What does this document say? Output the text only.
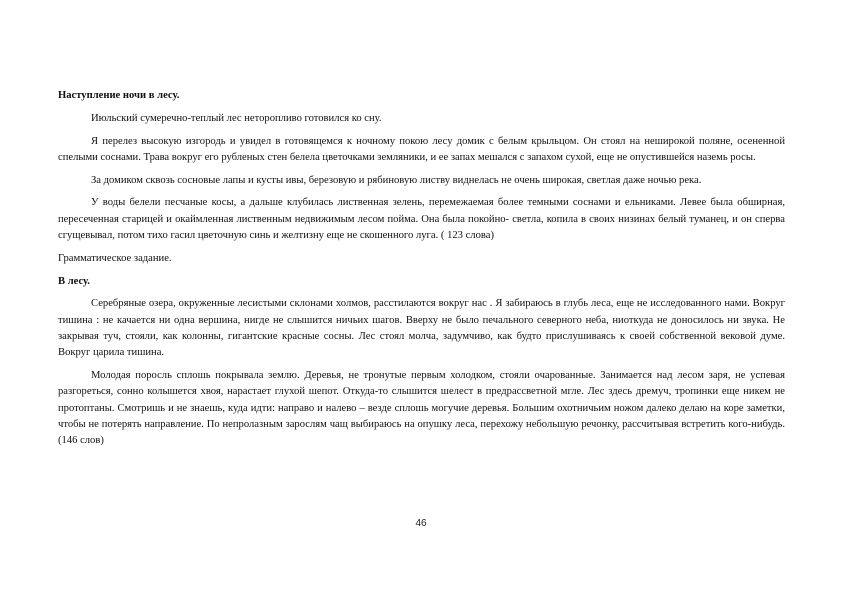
Наступление ночи в лесу.

Июльский сумеречно-теплый лес неторопливо готовился ко сну.

Я перелез высокую изгородь и увидел в готовящемся к ночному покою лесу домик с белым крыльцом. Он стоял на неширокой поляне, осененной спелыми соснами. Трава вокруг его рубленых стен белела цветочками земляники, и ее запах мешался с запахом сухой, еще не опустившейся наземь росы.

За домиком сквозь сосновые лапы и кусты ивы, березовую и рябиновую листву виднелась не очень широкая, светлая даже ночью река.

У воды белели песчаные косы, а дальше клубилась лиственная зелень, перемежаемая более темными соснами и ельниками. Левее была обширная, пересеченная старицей и окаймленная лиственным недвижимым лесом пойма. Она была покойно- светла, копила в своих низинах белый туманец, и он сперва сгущевывал, потом тихо гасил цветочную синь и желтизну еще не скошенного луга. ( 123 слова)

Грамматическое задание.

В лесу.

Серебряные озера, окруженные лесистыми склонами холмов, расстилаются вокруг нас . Я забираюсь в глубь леса, еще не исследованного нами. Вокруг тишина : не качается ни одна вершина, нигде не слышится ничьих шагов. Вверху не было печального северного неба, ниоткуда не доносилось ни звука. Не закрывая туч, стояли, как колонны, гигантские красные сосны. Лес стоял молча, задумчиво, как будто прислушиваясь к своей собственной вековой думе. Вокруг царила тишина.

Молодая поросль сплошь покрывала землю. Деревья, не тронутые первым холодком, стояли очарованные. Занимается над лесом заря, не успевая разгореться, сонно колышется хвоя, нарастает глухой шепот. Откуда-то слышится шелест в предрассветной мгле. Лес здесь дремуч, тропинки еще никем не протоптаны. Смотришь и не знаешь, куда идти: направо и налево – везде сплошь могучие деревья. Большим охотничьим ножом далеко делаю на коре заметки, чтобы не потерять направление. По непролазным зарослям чащ выбираюсь на опушку леса, перехожу небольшую речонку, рассчитывая встретить кого-нибудь. (146 слов)

46
